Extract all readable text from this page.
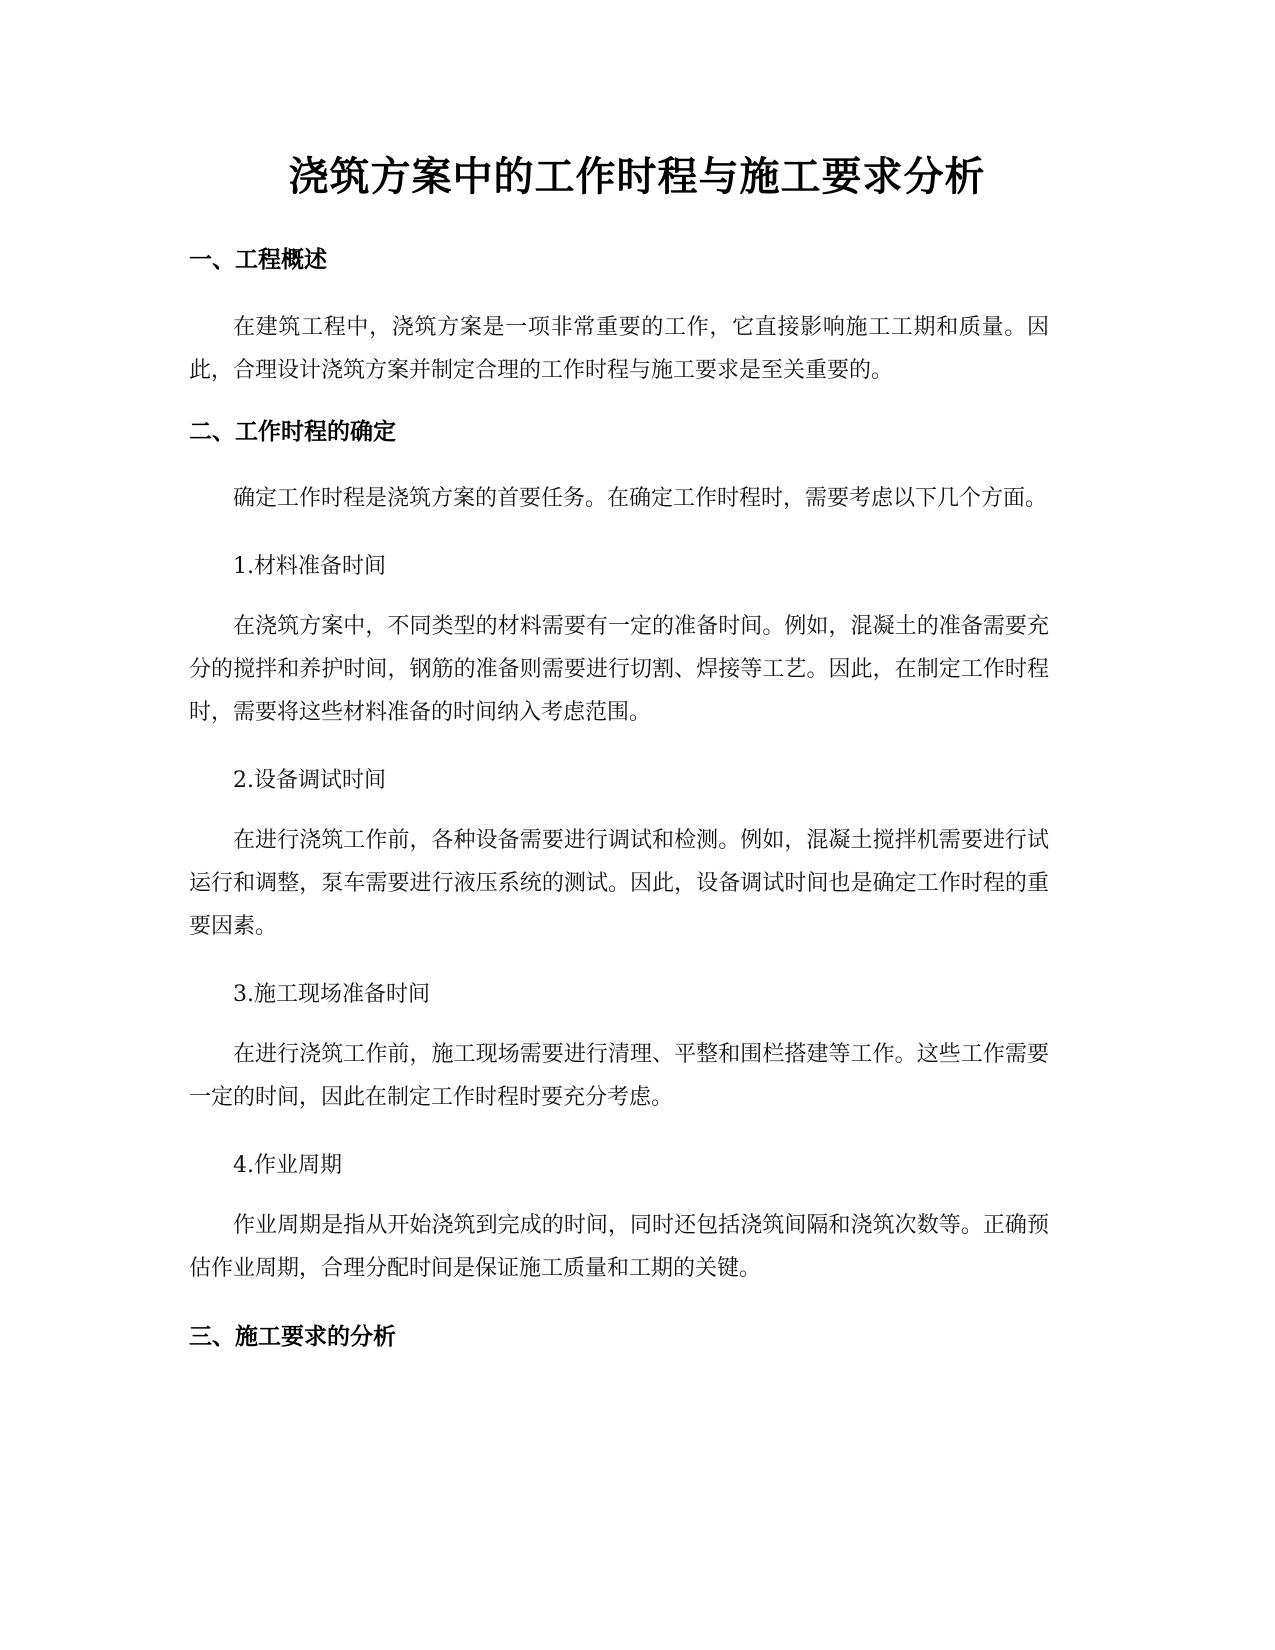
浇筑方案中的工作时程与施工要求分析
一、工程概述

在建筑工程中，浇筑方案是一项非常重要的工作，它直接影响施工工期和质量。因此，合理设计浇筑方案并制定合理的工作时程与施工要求是至关重要的。

二、工作时程的确定

确定工作时程是浇筑方案的首要任务。在确定工作时程时，需要考虑以下几个方面。

1.材料准备时间

在浇筑方案中，不同类型的材料需要有一定的准备时间。例如，混凝土的准备需要充分的搅拌和养护时间，钢筋的准备则需要进行切割、焊接等工艺。因此，在制定工作时程时，需要将这些材料准备的时间纳入考虑范围。

2.设备调试时间

在进行浇筑工作前，各种设备需要进行调试和检测。例如，混凝土搅拌机需要进行试运行和调整，泵车需要进行液压系统的测试。因此，设备调试时间也是确定工作时程的重要因素。

3.施工现场准备时间

在进行浇筑工作前，施工现场需要进行清理、平整和围栏搭建等工作。这些工作需要一定的时间，因此在制定工作时程时要充分考虑。

4.作业周期

作业周期是指从开始浇筑到完成的时间，同时还包括浇筑间隔和浇筑次数等。正确预估作业周期，合理分配时间是保证施工质量和工期的关键。

三、施工要求的分析
